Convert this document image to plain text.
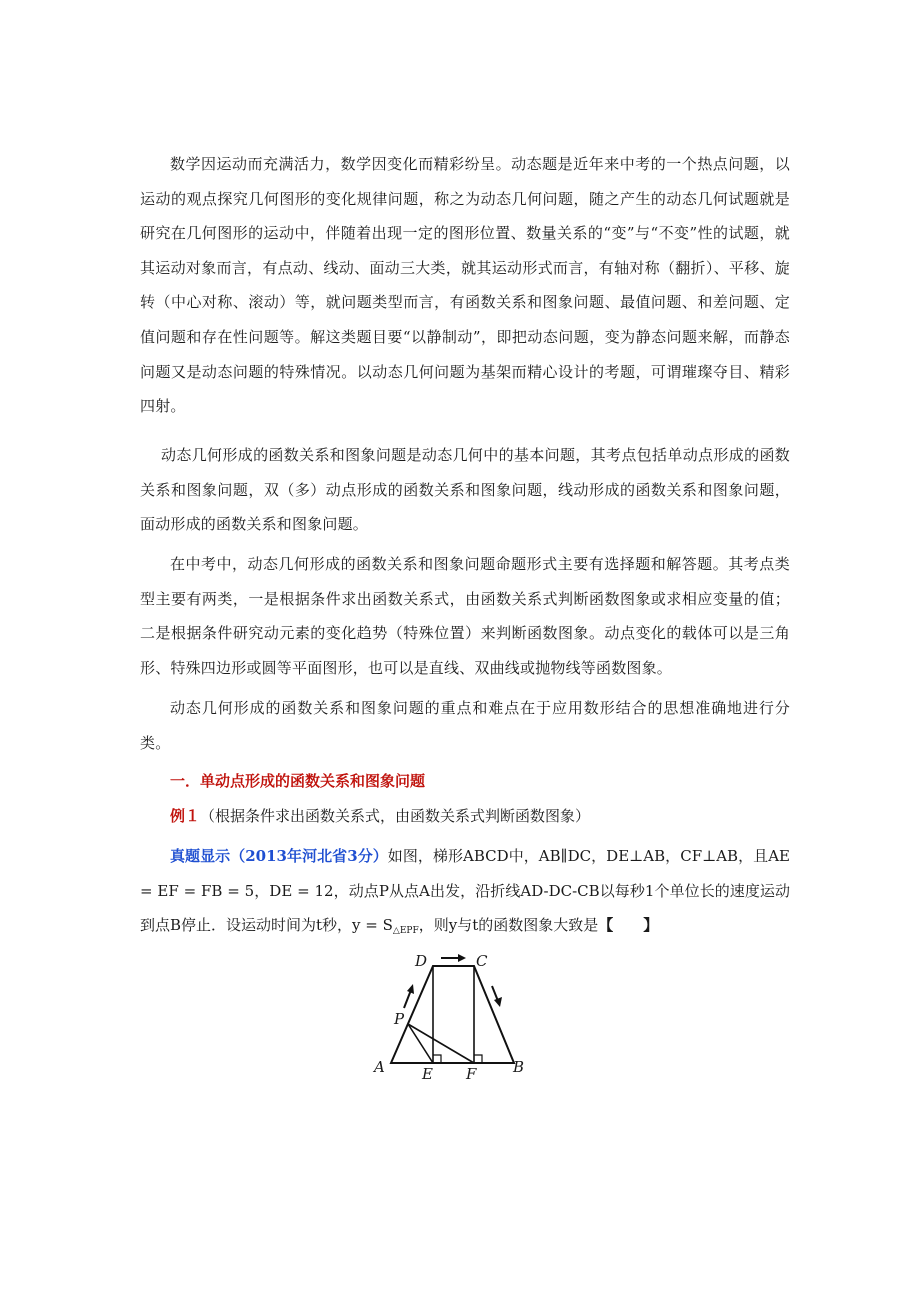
数学因运动而充满活力，数学因变化而精彩纷呈。动态题是近年来中考的一个热点问题，以运动的观点探究几何图形的变化规律问题，称之为动态几何问题，随之产生的动态几何试题就是研究在几何图形的运动中，伴随着出现一定的图形位置、数量关系的“变”与“不变”性的试题，就其运动对象而言，有点动、线动、面动三大类，就其运动形式而言，有轴对称（翻折）、平移、旋转（中心对称、滚动）等，就问题类型而言，有函数关系和图象问题、最值问题、和差问题、定值问题和存在性问题等。解这类题目要“以静制动”，即把动态问题，变为静态问题来解，而静态问题又是动态问题的特殊情况。以动态几何问题为基架而精心设计的考题，可谓璀璨夺目、精彩四射。
动态几何形成的函数关系和图象问题是动态几何中的基本问题，其考点包括单动点形成的函数关系和图象问题，双（多）动点形成的函数关系和图象问题，线动形成的函数关系和图象问题，面动形成的函数关系和图象问题。
在中考中，动态几何形成的函数关系和图象问题命题形式主要有选择题和解答题。其考点类型主要有两类，一是根据条件求出函数关系式，由函数关系式判断函数图象或求相应变量的值；二是根据条件研究动元素的变化趋势（特殊位置）来判断函数图象。动点变化的载体可以是三角形、特殊四边形或圆等平面图形，也可以是直线、双曲线或抛物线等函数图象。
动态几何形成的函数关系和图象问题的重点和难点在于应用数形结合的思想准确地进行分类。
一．单动点形成的函数关系和图象问题
例１（根据条件求出函数关系式，由函数关系式判断函数图象）
真题显示（2013年河北省3分）如图，梯形ABCD中，AB∥DC，DE⊥AB，CF⊥AB，且AE = EF = FB = 5，DE = 12，动点P从点A出发，沿折线AD-DC-CB以每秒1个单位长的速度运动到点B停止．设运动时间为t秒，$y = S_{\triangle EPF}$，则y与t的函数图象大致是【　　】
D	C
P
A E F B
